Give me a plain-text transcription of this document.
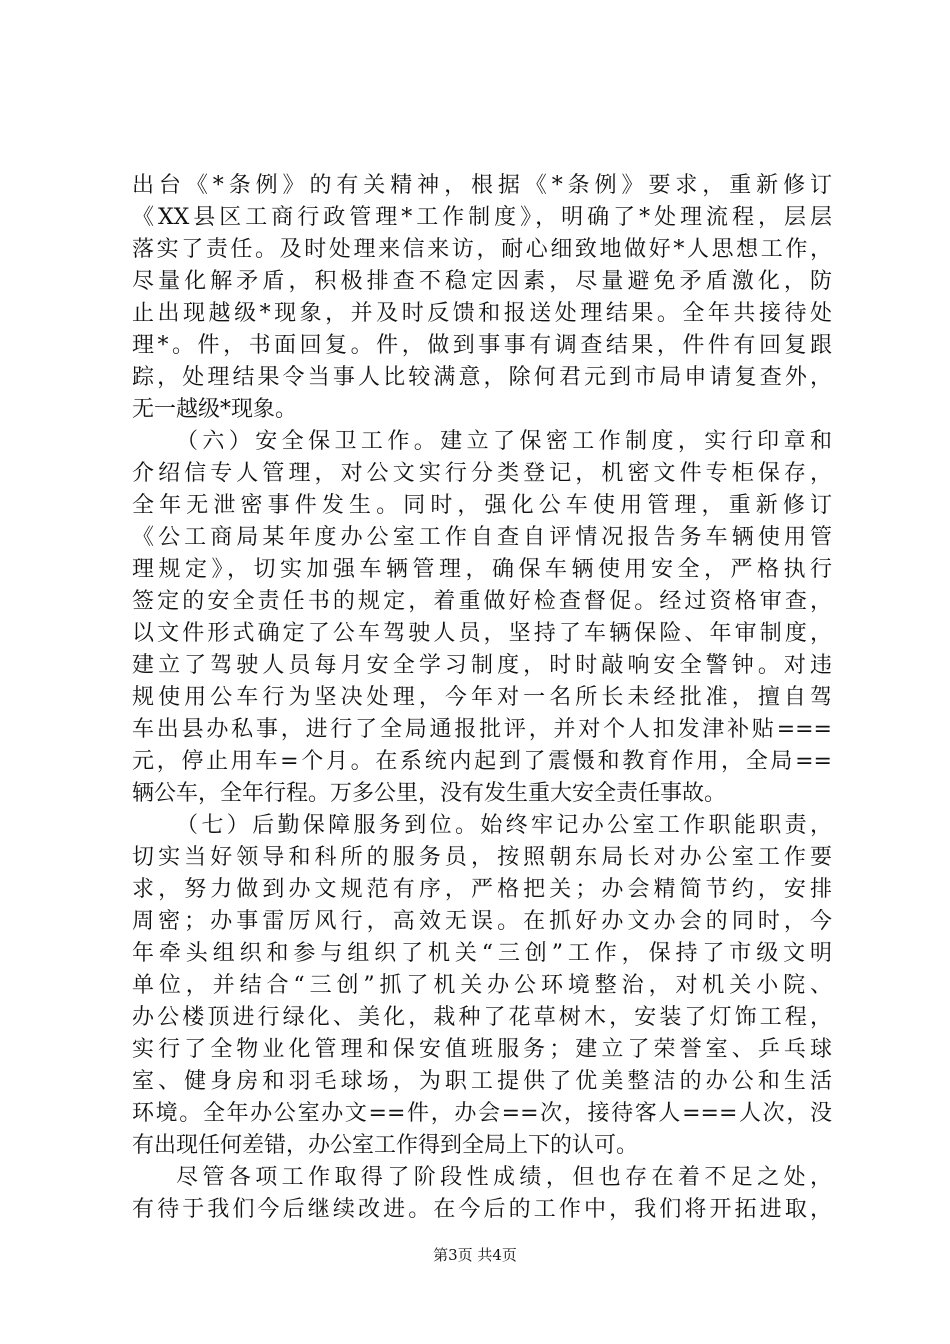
出台《*条例》的有关精神，根据《*条例》要求，重新修订
《XX县区工商行政管理*工作制度》，明确了*处理流程，层层
落实了责任。及时处理来信来访，耐心细致地做好*人思想工作，
尽量化解矛盾，积极排查不稳定因素，尽量避免矛盾激化，防
止出现越级*现象，并及时反馈和报送处理结果。全年共接待处
理*。件，书面回复。件，做到事事有调查结果，件件有回复跟
踪，处理结果令当事人比较满意，除何君元到市局申请复查外，
无一越级*现象。
（六）安全保卫工作。建立了保密工作制度，实行印章和
介绍信专人管理，对公文实行分类登记，机密文件专柜保存，
全年无泄密事件发生。同时，强化公车使用管理，重新修订
《公工商局某年度办公室工作自查自评情况报告务车辆使用管
理规定》，切实加强车辆管理，确保车辆使用安全，严格执行
签定的安全责任书的规定，着重做好检查督促。经过资格审查，
以文件形式确定了公车驾驶人员，坚持了车辆保险、年审制度，
建立了驾驶人员每月安全学习制度，时时敲响安全警钟。对违
规使用公车行为坚决处理，今年对一名所长未经批准，擅自驾
车出县办私事，进行了全局通报批评，并对个人扣发津补贴===
元，停止用车=个月。在系统内起到了震慑和教育作用，全局==
辆公车，全年行程。万多公里，没有发生重大安全责任事故。
（七）后勤保障服务到位。始终牢记办公室工作职能职责，
切实当好领导和科所的服务员，按照朝东局长对办公室工作要
求，努力做到办文规范有序，严格把关；办会精简节约，安排
周密；办事雷厉风行，高效无误。在抓好办文办会的同时，今
年牵头组织和参与组织了机关“三创”工作，保持了市级文明
单位，并结合“三创”抓了机关办公环境整治，对机关小院、
办公楼顶进行绿化、美化，栽种了花草树木，安装了灯饰工程，
实行了全物业化管理和保安值班服务；建立了荣誉室、乒乓球
室、健身房和羽毛球场，为职工提供了优美整洁的办公和生活
环境。全年办公室办文==件，办会==次，接待客人===人次，没
有出现任何差错，办公室工作得到全局上下的认可。
尽管各项工作取得了阶段性成绩，但也存在着不足之处，
有待于我们今后继续改进。在今后的工作中，我们将开拓进取，
第3页 共4页
